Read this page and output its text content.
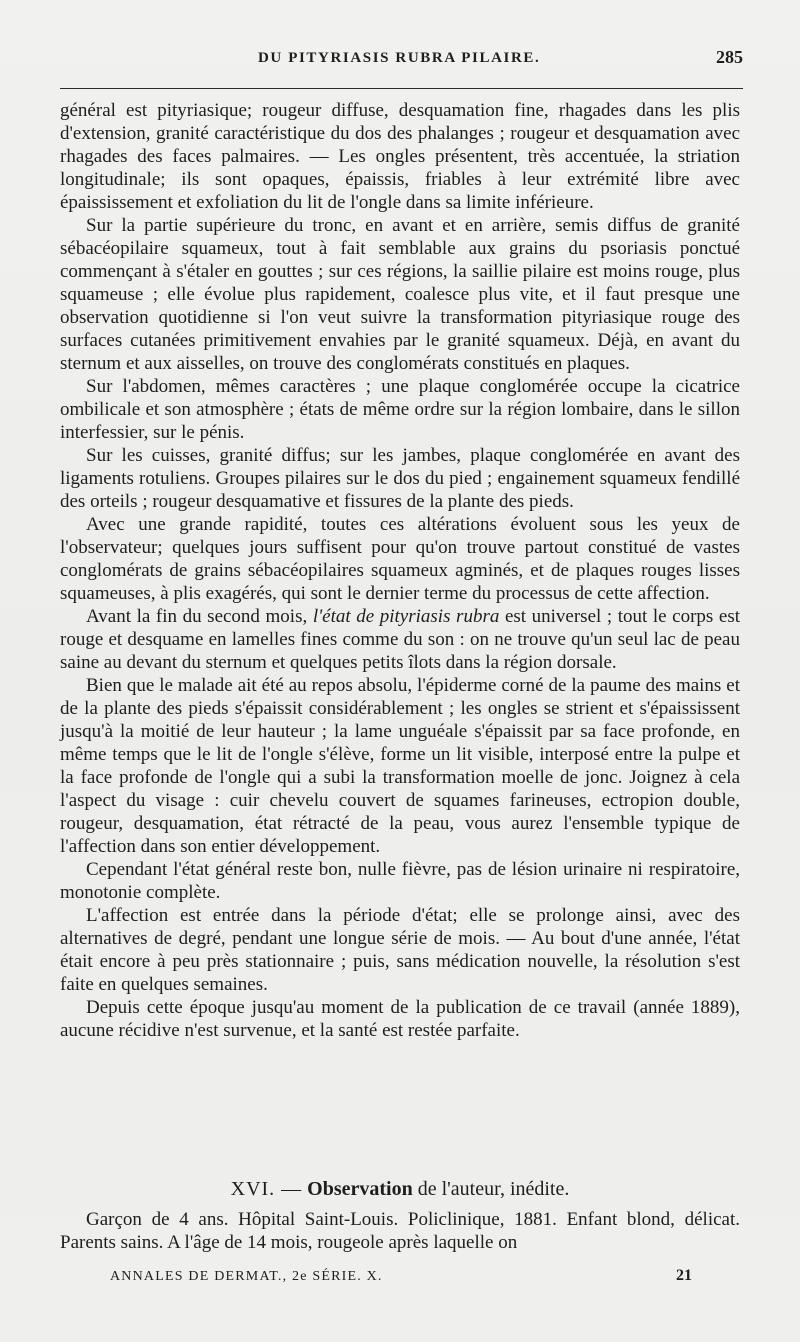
DU PITYRIASIS RUBRA PILAIRE.	285

général est pityriasique; rougeur diffuse, desquamation fine, rhagades dans les plis d'extension, granité caractéristique du dos des phalanges ; rougeur et desquamation avec rhagades des faces palmaires. — Les ongles présentent, très accentuée, la striation longitudinale; ils sont opaques, épaissis, friables à leur extrémité libre avec épaississement et exfoliation du lit de l'ongle dans sa limite inférieure.

Sur la partie supérieure du tronc, en avant et en arrière, semis diffus de granité sébacéopilaire squameux, tout à fait semblable aux grains du psoriasis ponctué commençant à s'étaler en gouttes ; sur ces régions, la saillie pilaire est moins rouge, plus squameuse ; elle évolue plus rapidement, coalesce plus vite, et il faut presque une observation quotidienne si l'on veut suivre la transformation pityriasique rouge des surfaces cutanées primitivement envahies par le granité squameux. Déjà, en avant du sternum et aux aisselles, on trouve des conglomérats constitués en plaques.

Sur l'abdomen, mêmes caractères ; une plaque conglomérée occupe la cicatrice ombilicale et son atmosphère ; états de même ordre sur la région lombaire, dans le sillon interfessier, sur le pénis.

Sur les cuisses, granité diffus; sur les jambes, plaque conglomérée en avant des ligaments rotuliens. Groupes pilaires sur le dos du pied ; engainement squameux fendillé des orteils ; rougeur desquamative et fissures de la plante des pieds.

Avec une grande rapidité, toutes ces altérations évoluent sous les yeux de l'observateur; quelques jours suffisent pour qu'on trouve partout constitué de vastes conglomérats de grains sébacéopilaires squameux agminés, et de plaques rouges lisses squameuses, à plis exagérés, qui sont le dernier terme du processus de cette affection.

Avant la fin du second mois, l'état de pityriasis rubra est universel ; tout le corps est rouge et desquame en lamelles fines comme du son : on ne trouve qu'un seul lac de peau saine au devant du sternum et quelques petits îlots dans la région dorsale.

Bien que le malade ait été au repos absolu, l'épiderme corné de la paume des mains et de la plante des pieds s'épaissit considérablement ; les ongles se strient et s'épaississent jusqu'à la moitié de leur hauteur ; la lame unguéale s'épaissit par sa face profonde, en même temps que le lit de l'ongle s'élève, forme un lit visible, interposé entre la pulpe et la face profonde de l'ongle qui a subi la transformation moelle de jonc. Joignez à cela l'aspect du visage : cuir chevelu couvert de squames farineuses, ectropion double, rougeur, desquamation, état rétracté de la peau, vous aurez l'ensemble typique de l'affection dans son entier développement.

Cependant l'état général reste bon, nulle fièvre, pas de lésion urinaire ni respiratoire, monotonie complète.

L'affection est entrée dans la période d'état; elle se prolonge ainsi, avec des alternatives de degré, pendant une longue série de mois. — Au bout d'une année, l'état était encore à peu près stationnaire ; puis, sans médication nouvelle, la résolution s'est faite en quelques semaines.

Depuis cette époque jusqu'au moment de la publication de ce travail (année 1889), aucune récidive n'est survenue, et la santé est restée parfaite.

XVI. — Observation de l'auteur, inédite.

Garçon de 4 ans. Hôpital Saint-Louis. Policlinique, 1881. Enfant blond, délicat. Parents sains. A l'âge de 14 mois, rougeole après laquelle on

ANNALES DE DERMAT., 2e SÉRIE. X.	21
